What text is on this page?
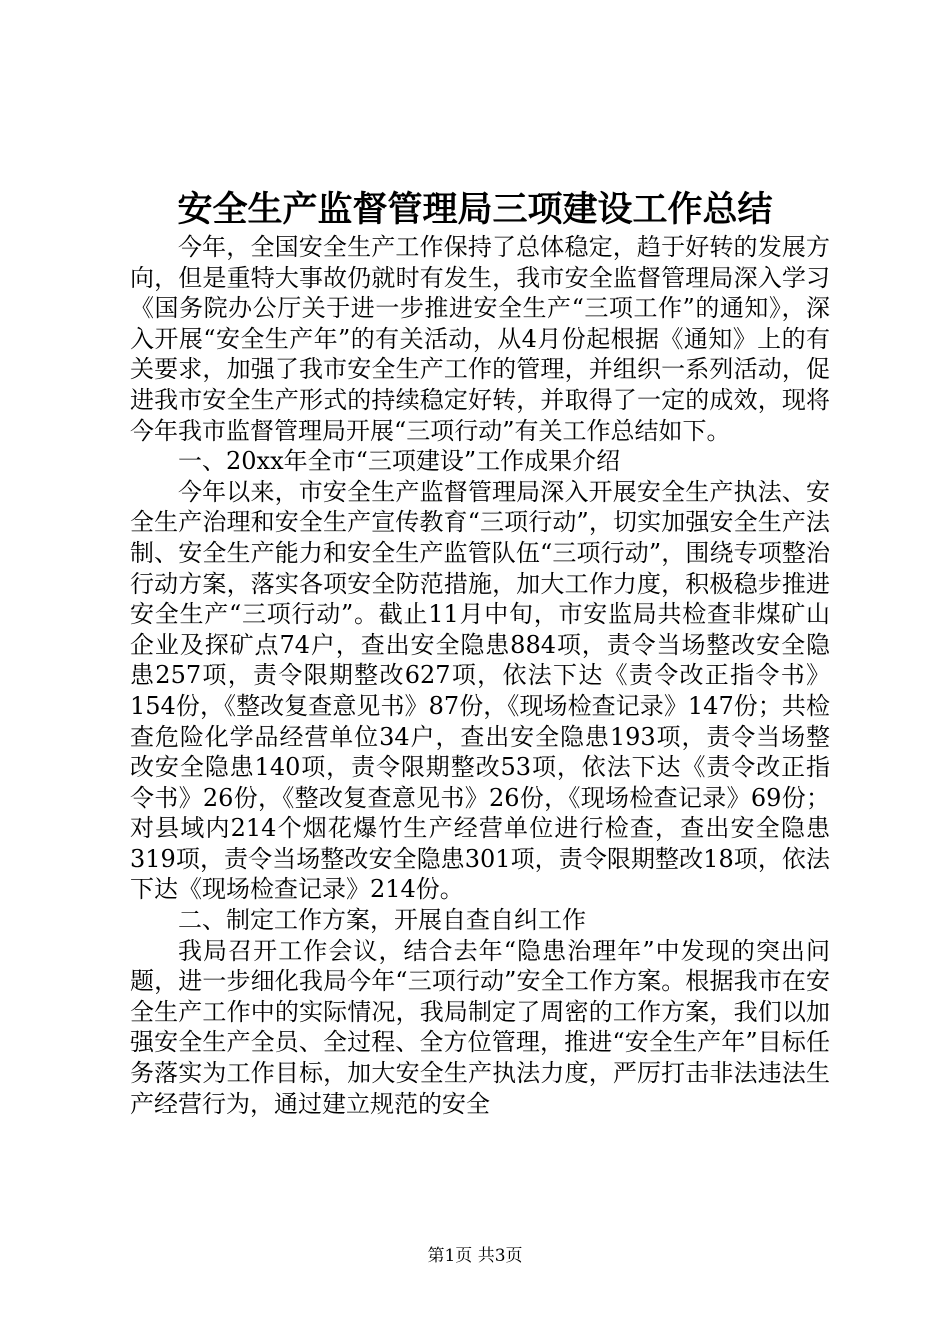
安全生产监督管理局三项建设工作总结

今年，全国安全生产工作保持了总体稳定，趋于好转的发展方向，但是重特大事故仍就时有发生，我市安全监督管理局深入学习《国务院办公厅关于进一步推进安全生产“三项工作”的通知》，深入开展“安全生产年”的有关活动，从4月份起根据《通知》上的有关要求，加强了我市安全生产工作的管理，并组织一系列活动，促进我市安全生产形式的持续稳定好转，并取得了一定的成效，现将今年我市监督管理局开展“三项行动”有关工作总结如下。

一、20xx年全市“三项建设”工作成果介绍

今年以来，市安全生产监督管理局深入开展安全生产执法、安全生产治理和安全生产宣传教育“三项行动”，切实加强安全生产法制、安全生产能力和安全生产监管队伍“三项行动”，围绕专项整治行动方案，落实各项安全防范措施，加大工作力度，积极稳步推进安全生产“三项行动”。截止11月中旬，市安监局共检查非煤矿山企业及探矿点74户，查出安全隐患884项，责令当场整改安全隐患257项，责令限期整改627项，依法下达《责令改正指令书》154份，《整改复查意见书》87份，《现场检查记录》147份；共检查危险化学品经营单位34户，查出安全隐患193项，责令当场整改安全隐患140项，责令限期整改53项，依法下达《责令改正指令书》26份，《整改复查意见书》26份，《现场检查记录》69份；对县域内214个烟花爆竹生产经营单位进行检查，查出安全隐患319项，责令当场整改安全隐患301项，责令限期整改18项，依法下达《现场检查记录》214份。

二、制定工作方案，开展自查自纠工作

我局召开工作会议，结合去年“隐患治理年”中发现的突出问题，进一步细化我局今年“三项行动”安全工作方案。根据我市在安全生产工作中的实际情况，我局制定了周密的工作方案，我们以加强安全生产全员、全过程、全方位管理，推进“安全生产年”目标任务落实为工作目标，加大安全生产执法力度，严厉打击非法违法生产经营行为，通过建立规范的安全

第1页 共3页
